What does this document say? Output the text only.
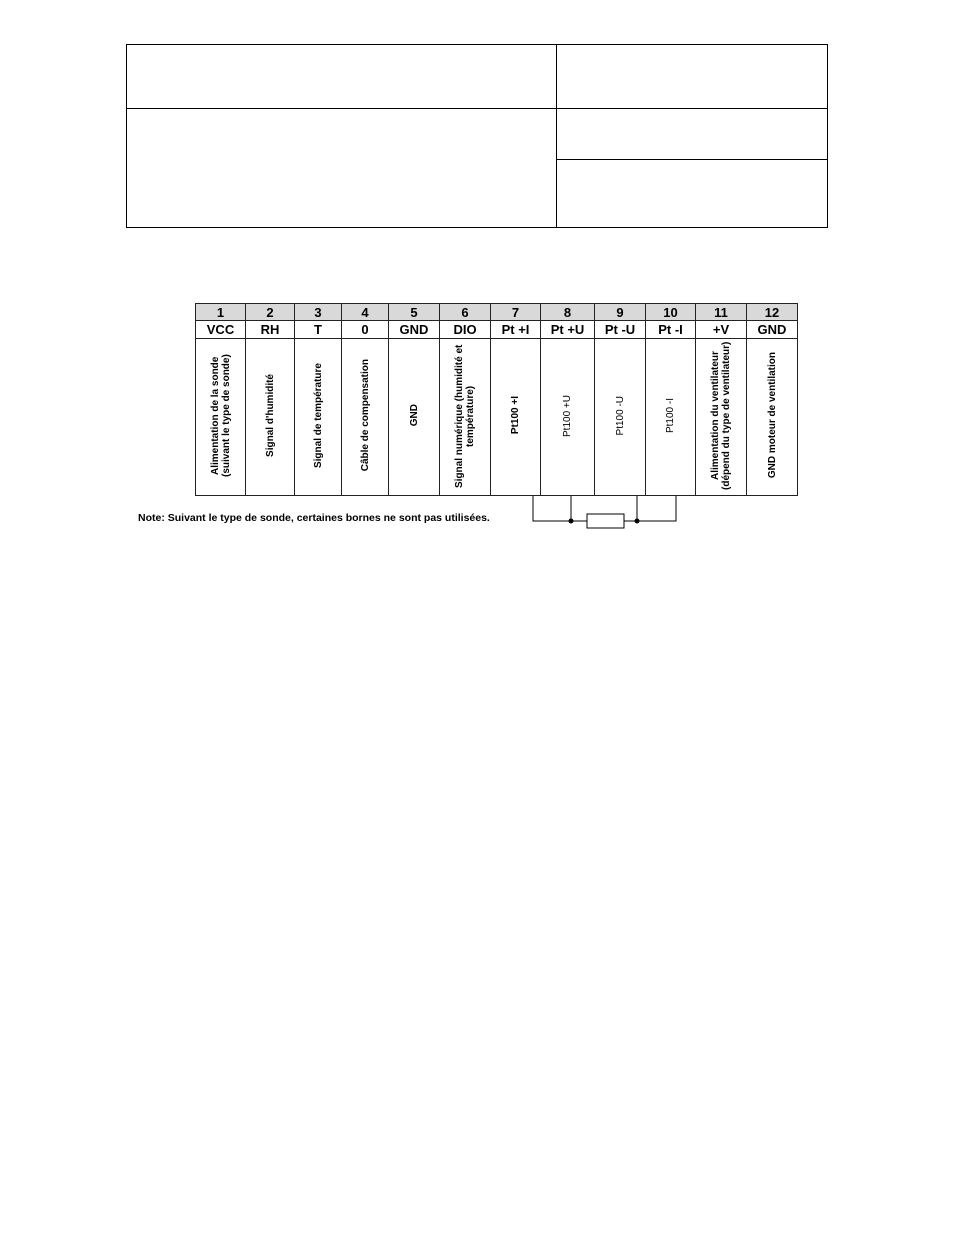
1	2	3	4	5	6	7	8	9	10	11	12
VCC	RH	T	0	GND	DIO	Pt +I	Pt +U	Pt -U	Pt -I	+V	GND
Alimentation de la sonde (suivant le type de sonde)	Signal d'humidité	Signal de température	Câble de compensation	GND	Signal numérique (humidité et température)	Pt100 +I	Pt100 +U	Pt100 -U	Pt100 -I	Alimentation du ventilateur (dépend du type de ventilateur)	GND moteur de ventilation
Note: Suivant le type de sonde, certaines bornes ne sont pas utilisées.
